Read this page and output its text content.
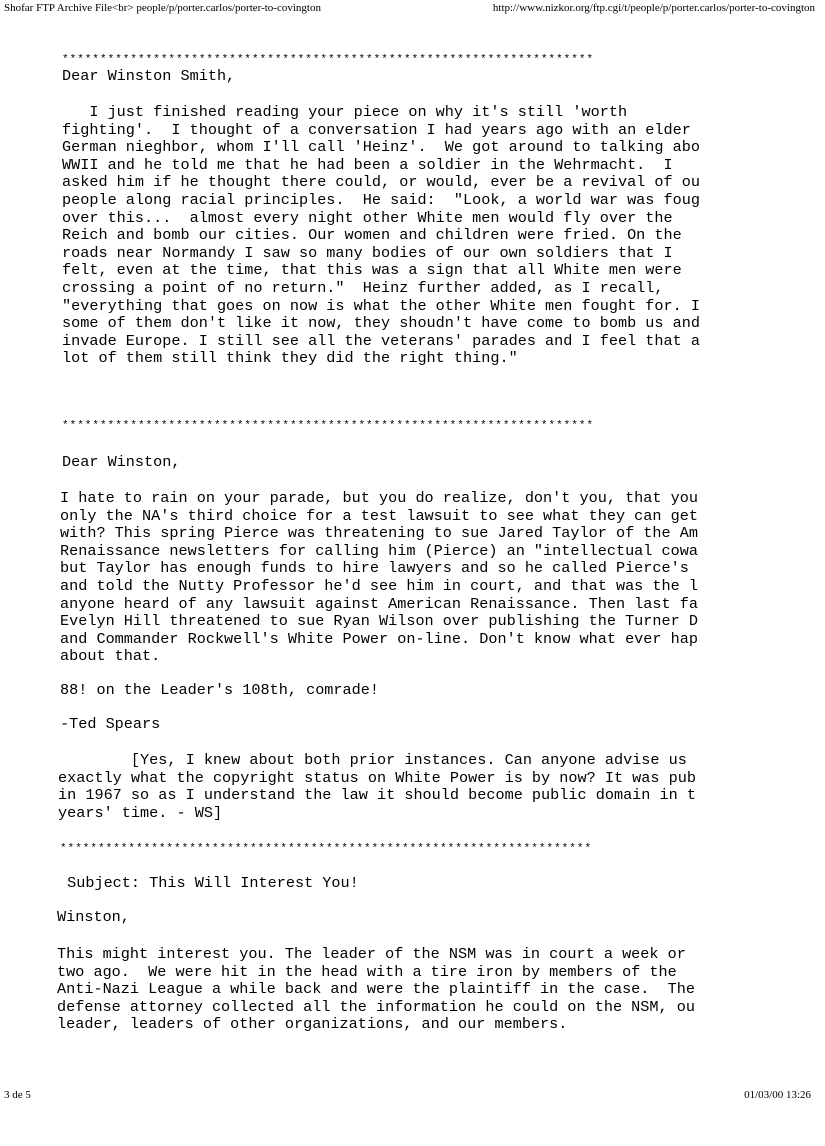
Shofar FTP Archive File<br> people/p/porter.carlos/porter-to-covington	http://www.nizkor.org/ftp.cgi/t/people/p/porter.carlos/porter-to-covington
**********************************************************************
Dear Winston Smith,
I just finished reading your piece on why it's still 'worth
fighting'.  I thought of a conversation I had years ago with an elder
German nieghbor, whom I'll call 'Heinz'.  We got around to talking abo
WWII and he told me that he had been a soldier in the Wehrmacht.  I
asked him if he thought there could, or would, ever be a revival of ou
people along racial principles.  He said:  "Look, a world war was foug
over this...  almost every night other White men would fly over the
Reich and bomb our cities. Our women and children were fried. On the
roads near Normandy I saw so many bodies of our own soldiers that I
felt, even at the time, that this was a sign that all White men were
crossing a point of no return."  Heinz further added, as I recall,
"everything that goes on now is what the other White men fought for. I
some of them don't like it now, they shoudn't have come to bomb us and
invade Europe. I still see all the veterans' parades and I feel that a
lot of them still think they did the right thing."
**********************************************************************
Dear Winston,
I hate to rain on your parade, but you do realize, don't you, that you
only the NA's third choice for a test lawsuit to see what they can get
with? This spring Pierce was threatening to sue Jared Taylor of the Am
Renaissance newsletters for calling him (Pierce) an "intellectual cowa
but Taylor has enough funds to hire lawyers and so he called Pierce's
and told the Nutty Professor he'd see him in court, and that was the l
anyone heard of any lawsuit against American Renaissance. Then last fa
Evelyn Hill threatened to sue Ryan Wilson over publishing the Turner D
and Commander Rockwell's White Power on-line. Don't know what ever hap
about that.
88! on the Leader's 108th, comrade!
-Ted Spears
[Yes, I knew about both prior instances. Can anyone advise us
exactly what the copyright status on White Power is by now? It was pub
in 1967 so as I understand the law it should become public domain in t
years' time. - WS]
**********************************************************************
Subject: This Will Interest You!
Winston,
This might interest you. The leader of the NSM was in court a week or
two ago.  We were hit in the head with a tire iron by members of the
Anti-Nazi League a while back and were the plaintiff in the case.  The
defense attorney collected all the information he could on the NSM, ou
leader, leaders of other organizations, and our members.
3 de 5	01/03/00 13:26
